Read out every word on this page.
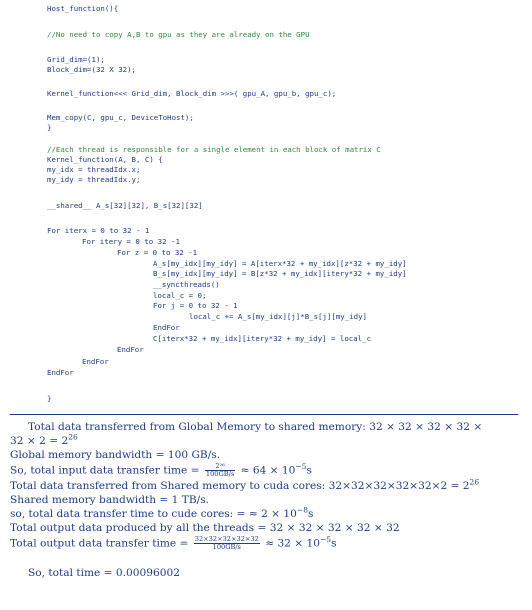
Host_function(){
//No need to copy A,B to gpu as they are already on the GPU
Grid_dim=(1);
Block_dim=(32 X 32);
Kernel_function<<< Grid_dim, Block_dim >>>( gpu_A, gpu_b, gpu_c);
Mem_copy(C, gpu_c, DeviceToHost);
}
//Each thread is responsible for a single element in each block of matrix C
Kernel_function(A, B, C) {
my_idx = threadIdx.x;
my_idy = threadIdx.y;
__shared__ A_s[32][32], B_s[32][32]
For iterx = 0 to 32 - 1
For itery = 0 to 32 -1
For z = 0 to 32 -1
A_s[my_idx][my_idy] = A[iterx*32 + my_idx][z*32 + my_idy]
B_s[my_idx][my_idy] = B[z*32 + my_idx][itery*32 + my_idy]
__syncthreads()
local_c = 0;
For j = 0 to 32 - 1
local_c += A_s[my_idx][j]*B_s[j][my_idy]
EndFor
C[iterx*32 + my_idx][itery*32 + my_idy] = local_c
EndFor
EndFor
EndFor
}
Total data transferred from Global Memory to shared memory: 32 × 32 × 32 × 32 ×
$32 \times 2 = 2^{26}$
Global memory bandwidth = 100 GB/s.
So, total input data transfer time = $\frac{\text{2²⁶}}{100GB/s} \approx 64 \times 10^{-5}s$
Total data transferred from Shared memory to cuda cores: $32\times 32\times 32\times 32\times 32\times 2 = 2^{26}$
Shared memory bandwidth = 1 TB/s.
so, total data transfer time to cude cores: = ≈ $2 \times 10^{-8}s$
Total output data produced by all the threads = 32 × 32 × 32 × 32 × 32
Total output data transfer time = $\frac{32\times 32\times 32\times 32\times 32}{100GB/s} \approx 32 \times 10^{-5}s$
So, total time = 0.00096002
